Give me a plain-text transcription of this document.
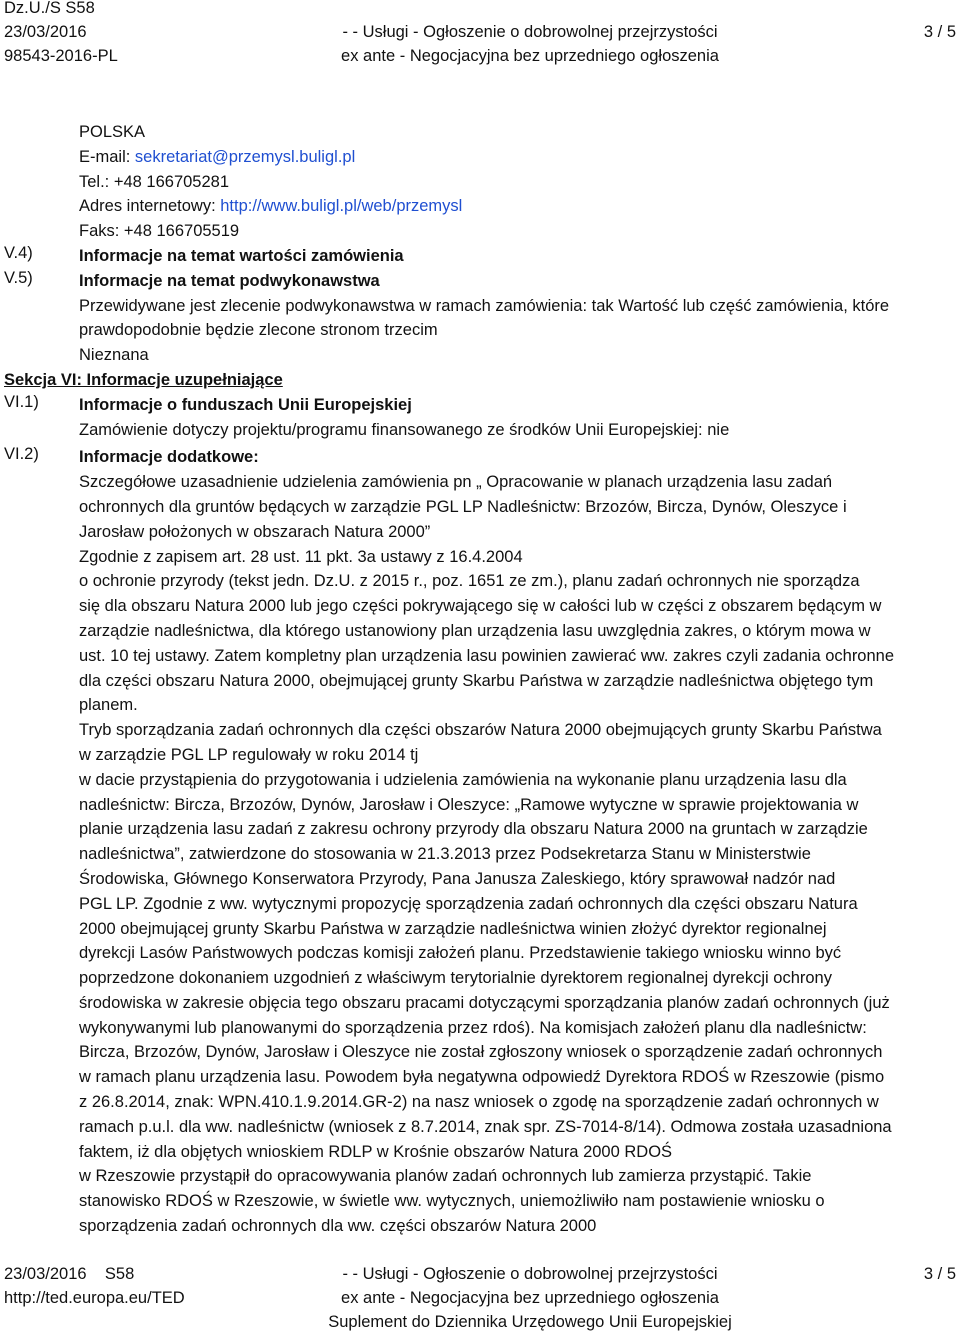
Dz.U./S S58
23/03/2016	- - Usługi - Ogłoszenie o dobrowolnej przejrzystości	3 / 5
98543-2016-PL	ex ante - Negocjacyjna bez uprzedniego ogłoszenia
POLSKA
E-mail: sekretariat@przemysl.buligl.pl
Tel.: +48 166705281
Adres internetowy: http://www.buligl.pl/web/przemysl
Faks: +48 166705519
V.4)	Informacje na temat wartości zamówienia
V.5)	Informacje na temat podwykonawstwa
Przewidywane jest zlecenie podwykonawstwa w ramach zamówienia: tak Wartość lub część zamówienia, które
prawdopodobnie będzie zlecone stronom trzecim
Nieznana
Sekcja VI: Informacje uzupełniające
VI.1)	Informacje o funduszach Unii Europejskiej
Zamówienie dotyczy projektu/programu finansowanego ze środków Unii Europejskiej: nie
VI.2)	Informacje dodatkowe:
Szczegółowe uzasadnienie udzielenia zamówienia pn „ Opracowanie w planach urządzenia lasu zadań
ochronnych dla gruntów będących w zarządzie PGL LP Nadleśnictw: Brzozów, Bircza, Dynów, Oleszyce i
Jarosław położonych w obszarach Natura 2000”
Zgodnie z zapisem art. 28 ust. 11 pkt. 3a ustawy z 16.4.2004
o ochronie przyrody (tekst jedn. Dz.U. z 2015 r., poz. 1651 ze zm.), planu zadań ochronnych nie sporządza
się dla obszaru Natura 2000 lub jego części pokrywającego się w całości lub w części z obszarem będącym w
zarządzie nadleśnictwa, dla którego ustanowiony plan urządzenia lasu uwzględnia zakres, o którym mowa w
ust. 10 tej ustawy. Zatem kompletny plan urządzenia lasu powinien zawierać ww. zakres czyli zadania ochronne
dla części obszaru Natura 2000, obejmującej grunty Skarbu Państwa w zarządzie nadleśnictwa objętego tym
planem.
Tryb sporządzania zadań ochronnych dla części obszarów Natura 2000 obejmujących grunty Skarbu Państwa
w zarządzie PGL LP regulowały w roku 2014 tj
w dacie przystąpienia do przygotowania i udzielenia zamówienia na wykonanie planu urządzenia lasu dla
nadleśnictw: Bircza, Brzozów, Dynów, Jarosław i Oleszyce: „Ramowe wytyczne w sprawie projektowania w
planie urządzenia lasu zadań z zakresu ochrony przyrody dla obszaru Natura 2000 na gruntach w zarządzie
nadleśnictwa”, zatwierdzone do stosowania w 21.3.2013 przez Podsekretarza Stanu w Ministerstwie
Środowiska, Głównego Konserwatora Przyrody, Pana Janusza Zaleskiego, który sprawował nadzór nad
PGL LP. Zgodnie z ww. wytycznymi propozycję sporządzenia zadań ochronnych dla części obszaru Natura
2000 obejmującej grunty Skarbu Państwa w zarządzie nadleśnictwa winien złożyć dyrektor regionalnej
dyrekcji Lasów Państwowych podczas komisji założeń planu. Przedstawienie takiego wniosku winno być
poprzedzone dokonaniem uzgodnień z właściwym terytorialnie dyrektorem regionalnej dyrekcji ochrony
środowiska w zakresie objęcia tego obszaru pracami dotyczącymi sporządzania planów zadań ochronnych (już
wykonywanymi lub planowanymi do sporządzenia przez rdoś). Na komisjach założeń planu dla nadleśnictw:
Bircza, Brzozów, Dynów, Jarosław i Oleszyce nie został zgłoszony wniosek o sporządzenie zadań ochronnych
w ramach planu urządzenia lasu. Powodem była negatywna odpowiedź Dyrektora RDOŚ w Rzeszowie (pismo
z 26.8.2014, znak: WPN.410.1.9.2014.GR-2) na nasz wniosek o zgodę na sporządzenie zadań ochronnych w
ramach p.u.l. dla ww. nadleśnictw (wniosek z 8.7.2014, znak spr. ZS-7014-8/14). Odmowa została uzasadniona
faktem, iż dla objętych wnioskiem RDLP w Krośnie obszarów Natura 2000 RDOŚ
w Rzeszowie przystąpił do opracowywania planów zadań ochronnych lub zamierza przystąpić. Takie
stanowisko RDOŚ w Rzeszowie, w świetle ww. wytycznych, uniemożliwiło nam postawienie wniosku o
sporządzenia zadań ochronnych dla ww. części obszarów Natura 2000
23/03/2016    S58	- - Usługi - Ogłoszenie o dobrowolnej przejrzystości	3 / 5
http://ted.europa.eu/TED	ex ante - Negocjacyjna bez uprzedniego ogłoszenia
Suplement do Dziennika Urzędowego Unii Europejskiej
